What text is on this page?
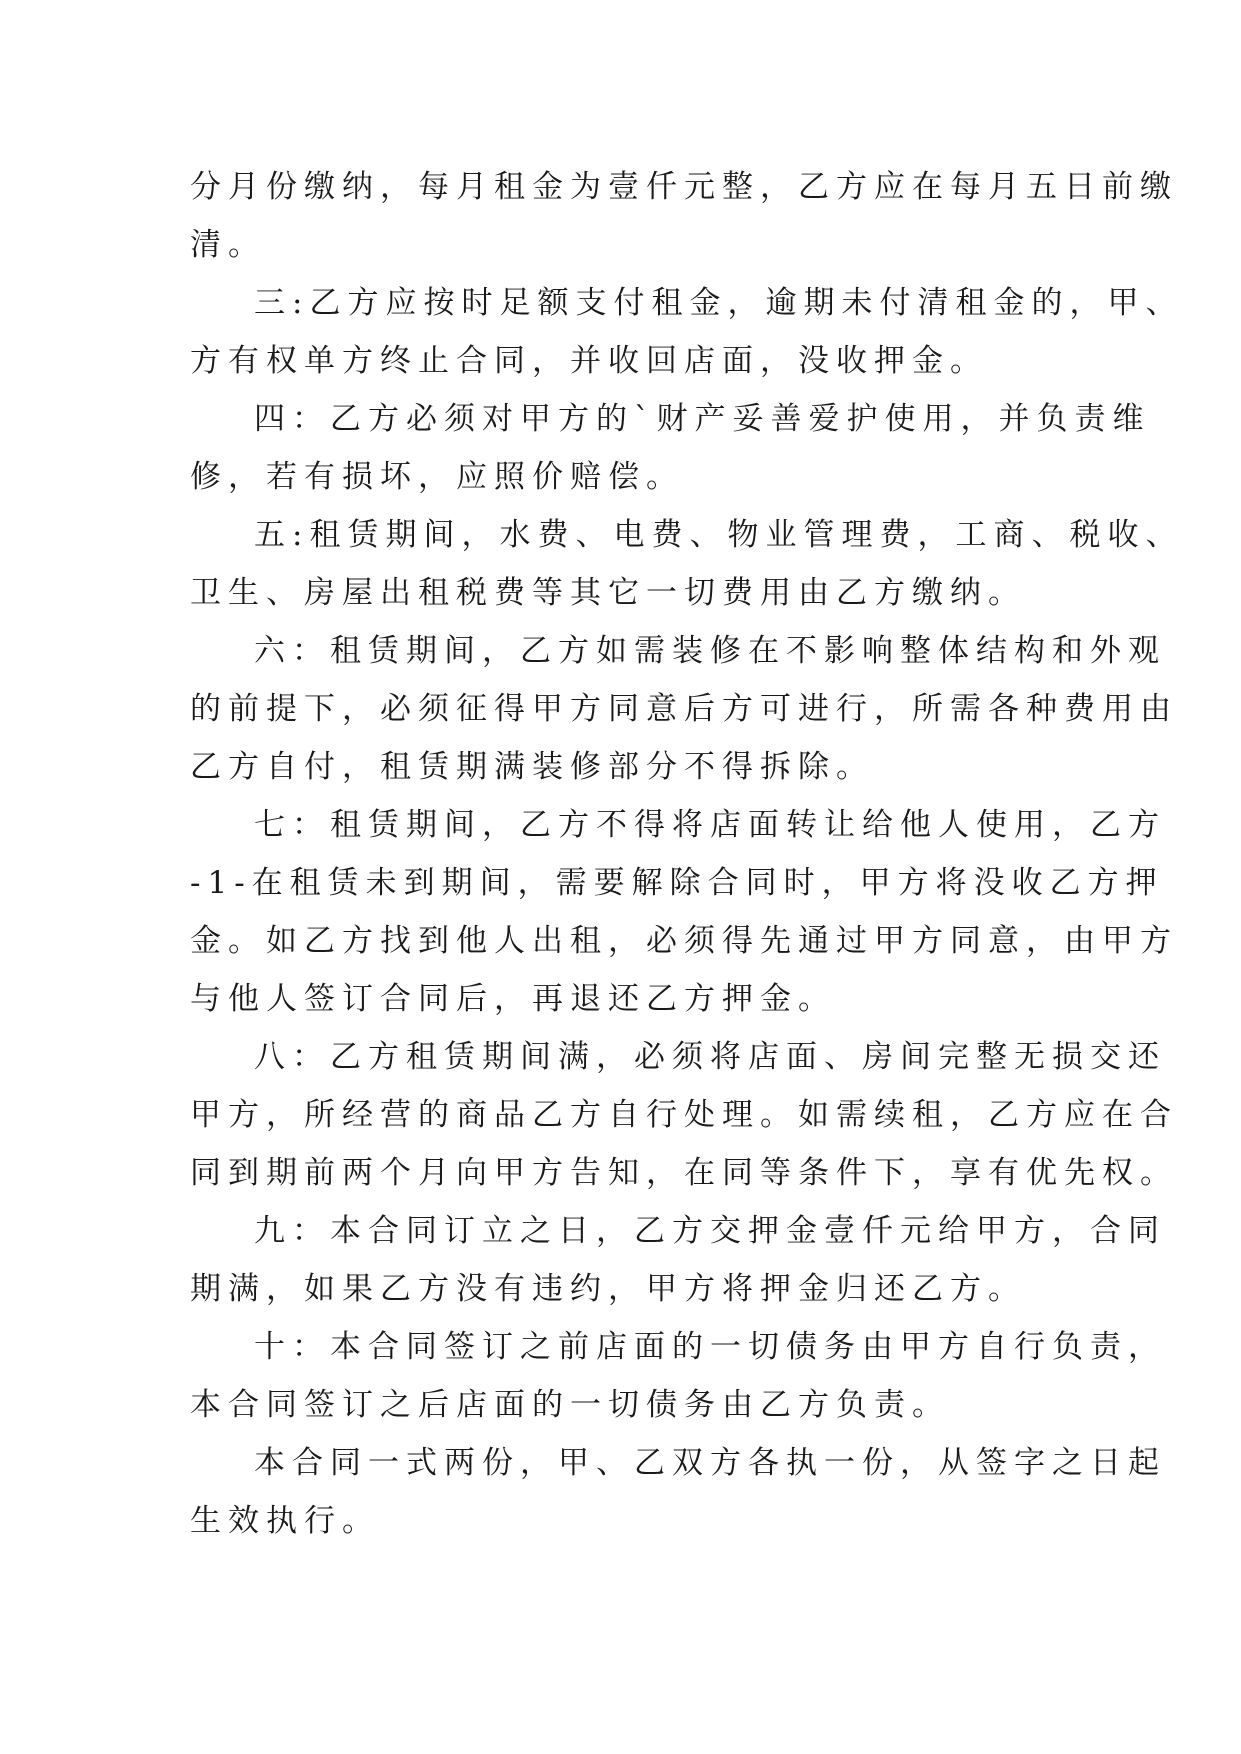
分月份缴纳，每月租金为壹仟元整，乙方应在每月五日前缴
清。
三:乙方应按时足额支付租金，逾期未付清租金的，甲、
方有权单方终止合同，并收回店面，没收押金。
四：乙方必须对甲方的`财产妥善爱护使用，并负责维
修，若有损坏，应照价赔偿。
五:租赁期间，水费、电费、物业管理费，工商、税收、
卫生、房屋出租税费等其它一切费用由乙方缴纳。
六：租赁期间，乙方如需装修在不影响整体结构和外观
的前提下，必须征得甲方同意后方可进行，所需各种费用由
乙方自付，租赁期满装修部分不得拆除。
七：租赁期间，乙方不得将店面转让给他人使用，乙方
-1-在租赁未到期间，需要解除合同时，甲方将没收乙方押
金。如乙方找到他人出租，必须得先通过甲方同意，由甲方
与他人签订合同后，再退还乙方押金。
八：乙方租赁期间满，必须将店面、房间完整无损交还
甲方，所经营的商品乙方自行处理。如需续租，乙方应在合
同到期前两个月向甲方告知，在同等条件下，享有优先权。
九：本合同订立之日，乙方交押金壹仟元给甲方，合同
期满，如果乙方没有违约，甲方将押金归还乙方。
十：本合同签订之前店面的一切债务由甲方自行负责，
本合同签订之后店面的一切债务由乙方负责。
本合同一式两份，甲、乙双方各执一份，从签字之日起
生效执行。
